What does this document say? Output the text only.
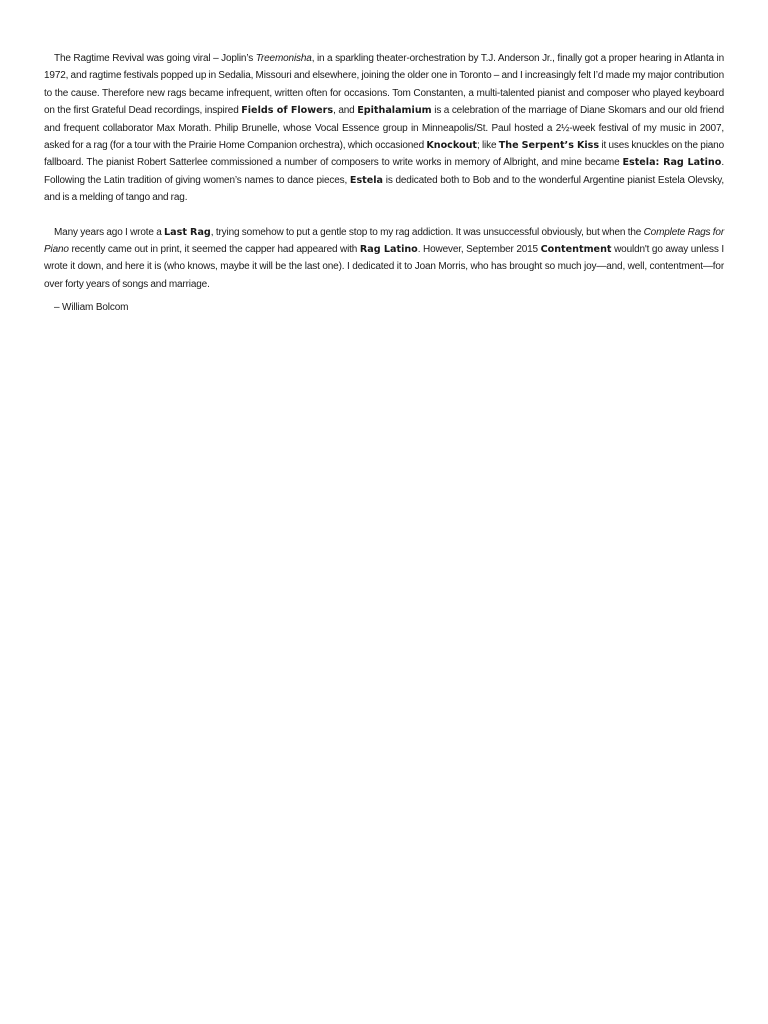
The Ragtime Revival was going viral – Joplin’s Treemonisha, in a sparkling theater-orchestration by T.J. Anderson Jr., finally got a proper hearing in Atlanta in 1972, and ragtime festivals popped up in Sedalia, Missouri and elsewhere, joining the older one in Toronto – and I increasingly felt I’d made my major contribution to the cause. Therefore new rags became infrequent, written often for occasions. Tom Constanten, a multi-talented pianist and composer who played keyboard on the first Grateful Dead recordings, inspired Fields of Flowers, and Epithalamium is a celebration of the marriage of Diane Skomars and our old friend and frequent collaborator Max Morath. Philip Brunelle, whose Vocal Essence group in Minneapolis/St. Paul hosted a 2½-week festival of my music in 2007, asked for a rag (for a tour with the Prairie Home Companion orchestra), which occasioned Knockout; like The Serpent’s Kiss it uses knuckles on the piano fallboard. The pianist Robert Satterlee commissioned a number of composers to write works in memory of Albright, and mine became Estela: Rag Latino. Following the Latin tradition of giving women’s names to dance pieces, Estela is dedicated both to Bob and to the wonderful Argentine pianist Estela Olevsky, and is a melding of tango and rag.

Many years ago I wrote a Last Rag, trying somehow to put a gentle stop to my rag addiction. It was unsuccessful obviously, but when the Complete Rags for Piano recently came out in print, it seemed the capper had appeared with Rag Latino. However, September 2015 Contentment wouldn't go away unless I wrote it down, and here it is (who knows, maybe it will be the last one). I dedicated it to Joan Morris, who has brought so much joy—and, well, contentment—for over forty years of songs and marriage.

– William Bolcom
